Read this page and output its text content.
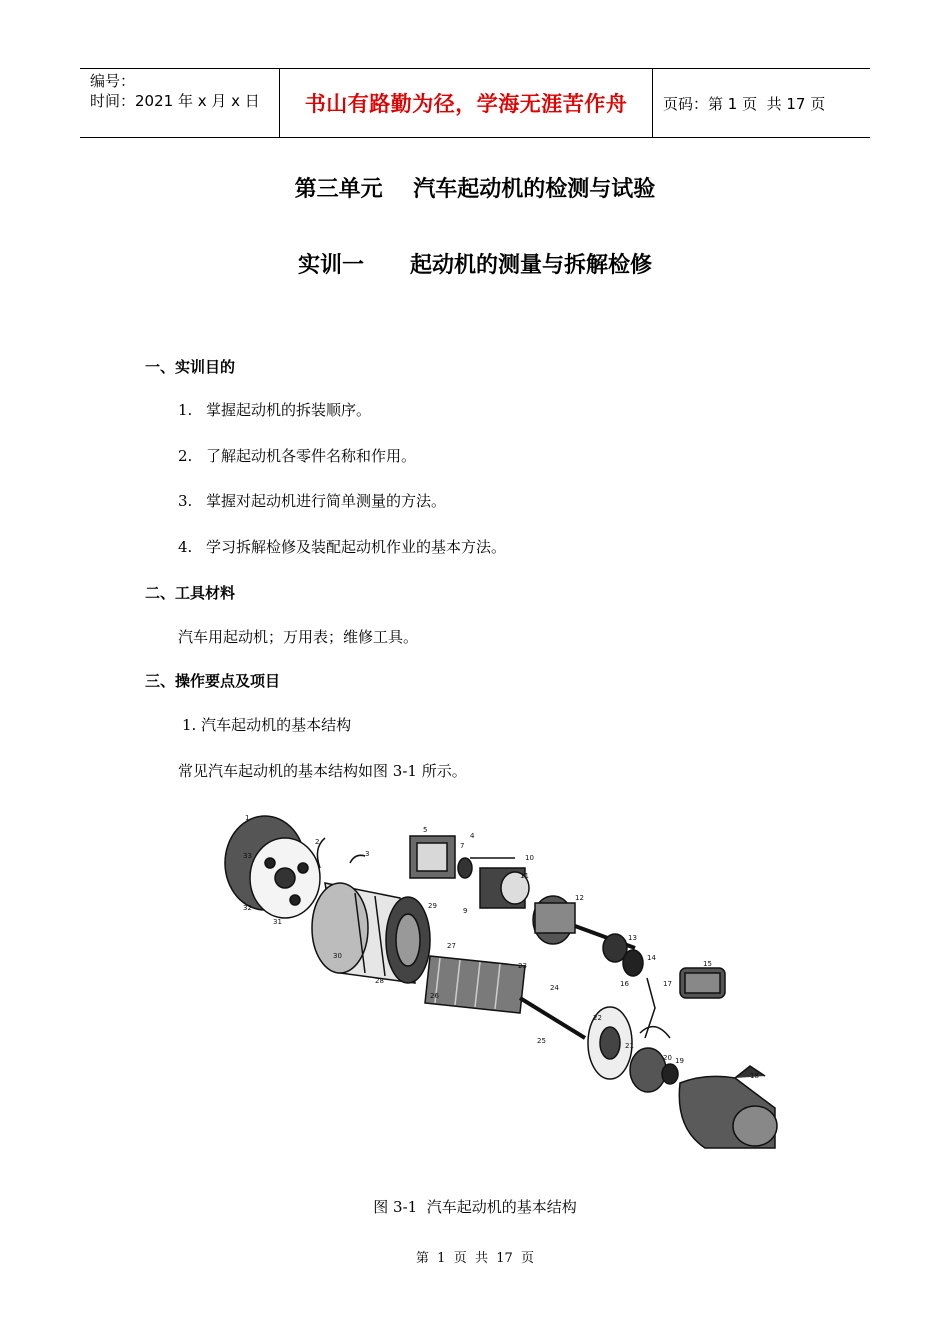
编号：
时间：2021 年 x 月 x 日	书山有路勤为径，学海无涯苦作舟	页码：第 1 页  共 17 页
第三单元    汽车起动机的检测与试验
实训一      起动机的测量与拆解检修
一、实训目的
1. 掌握起动机的拆装顺序。
2. 了解起动机各零件名称和作用。
3. 掌握对起动机进行简单测量的方法。
4. 学习拆解检修及装配起动机作业的基本方法。
二、工具材料
汽车用起动机；万用表；维修工具。
三、操作要点及项目
1. 汽车起动机的基本结构
常见汽车起动机的基本结构如图 3-1 所示。
1
2
3
4
5
7
9
10
11
12
13
14
15
16	17
18
19
20
21
22
25
24
23
26
27
28
29
30
31
32
33
图 3-1  汽车起动机的基本结构
第  1  页  共  17  页
